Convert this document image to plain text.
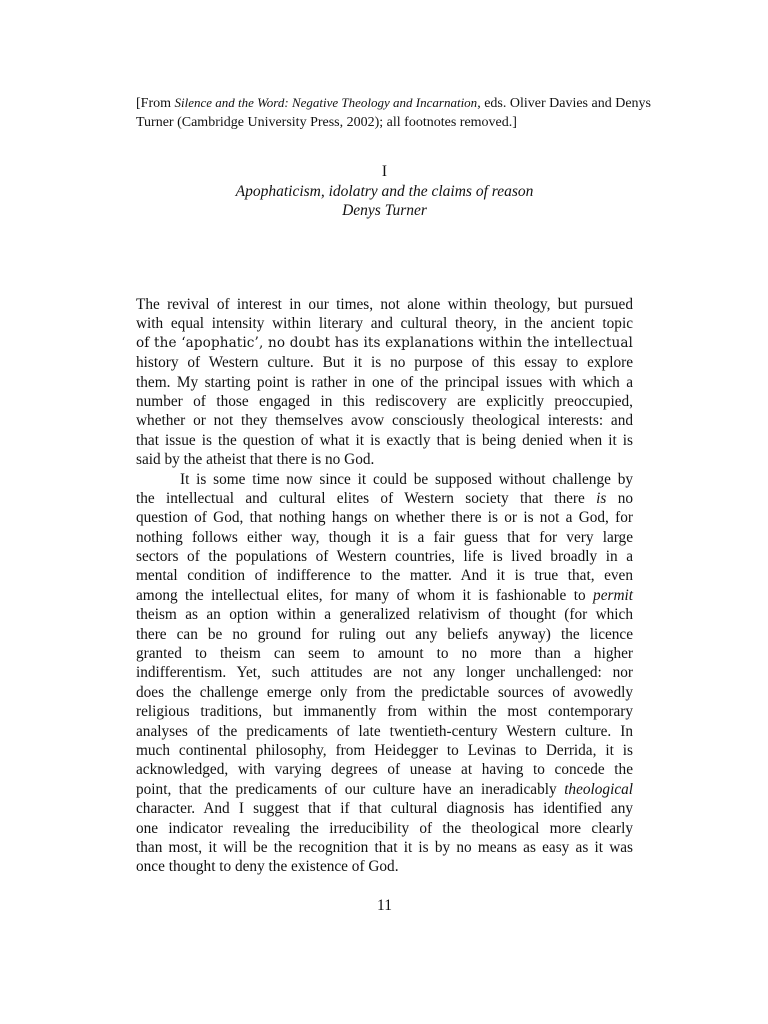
[From Silence and the Word: Negative Theology and Incarnation, eds. Oliver Davies and Denys
Turner (Cambridge University Press, 2002); all footnotes removed.]
I
Apophaticism, idolatry and the claims of reason
Denys Turner
The revival of interest in our times, not alone within theology, but pursued
with equal intensity within literary and cultural theory, in the ancient topic
of the ‘apophatic’, no doubt has its explanations within the intellectual
history of Western culture. But it is no purpose of this essay to explore
them. My starting point is rather in one of the principal issues with which a
number of those engaged in this rediscovery are explicitly preoccupied,
whether or not they themselves avow consciously theological interests: and
that issue is the question of what it is exactly that is being denied when it is
said by the atheist that there is no God.
It is some time now since it could be supposed without challenge by
the intellectual and cultural elites of Western society that there is no
question of God, that nothing hangs on whether there is or is not a God, for
nothing follows either way, though it is a fair guess that for very large
sectors of the populations of Western countries, life is lived broadly in a
mental condition of indifference to the matter. And it is true that, even
among the intellectual elites, for many of whom it is fashionable to permit
theism as an option within a generalized relativism of thought (for which
there can be no ground for ruling out any beliefs anyway) the licence
granted to theism can seem to amount to no more than a higher
indifferentism. Yet, such attitudes are not any longer unchallenged: nor
does the challenge emerge only from the predictable sources of avowedly
religious traditions, but immanently from within the most contemporary
analyses of the predicaments of late twentieth-century Western culture. In
much continental philosophy, from Heidegger to Levinas to Derrida, it is
acknowledged, with varying degrees of unease at having to concede the
point, that the predicaments of our culture have an ineradicably theological
character. And I suggest that if that cultural diagnosis has identified any
one indicator revealing the irreducibility of the theological more clearly
than most, it will be the recognition that it is by no means as easy as it was
once thought to deny the existence of God.
11
